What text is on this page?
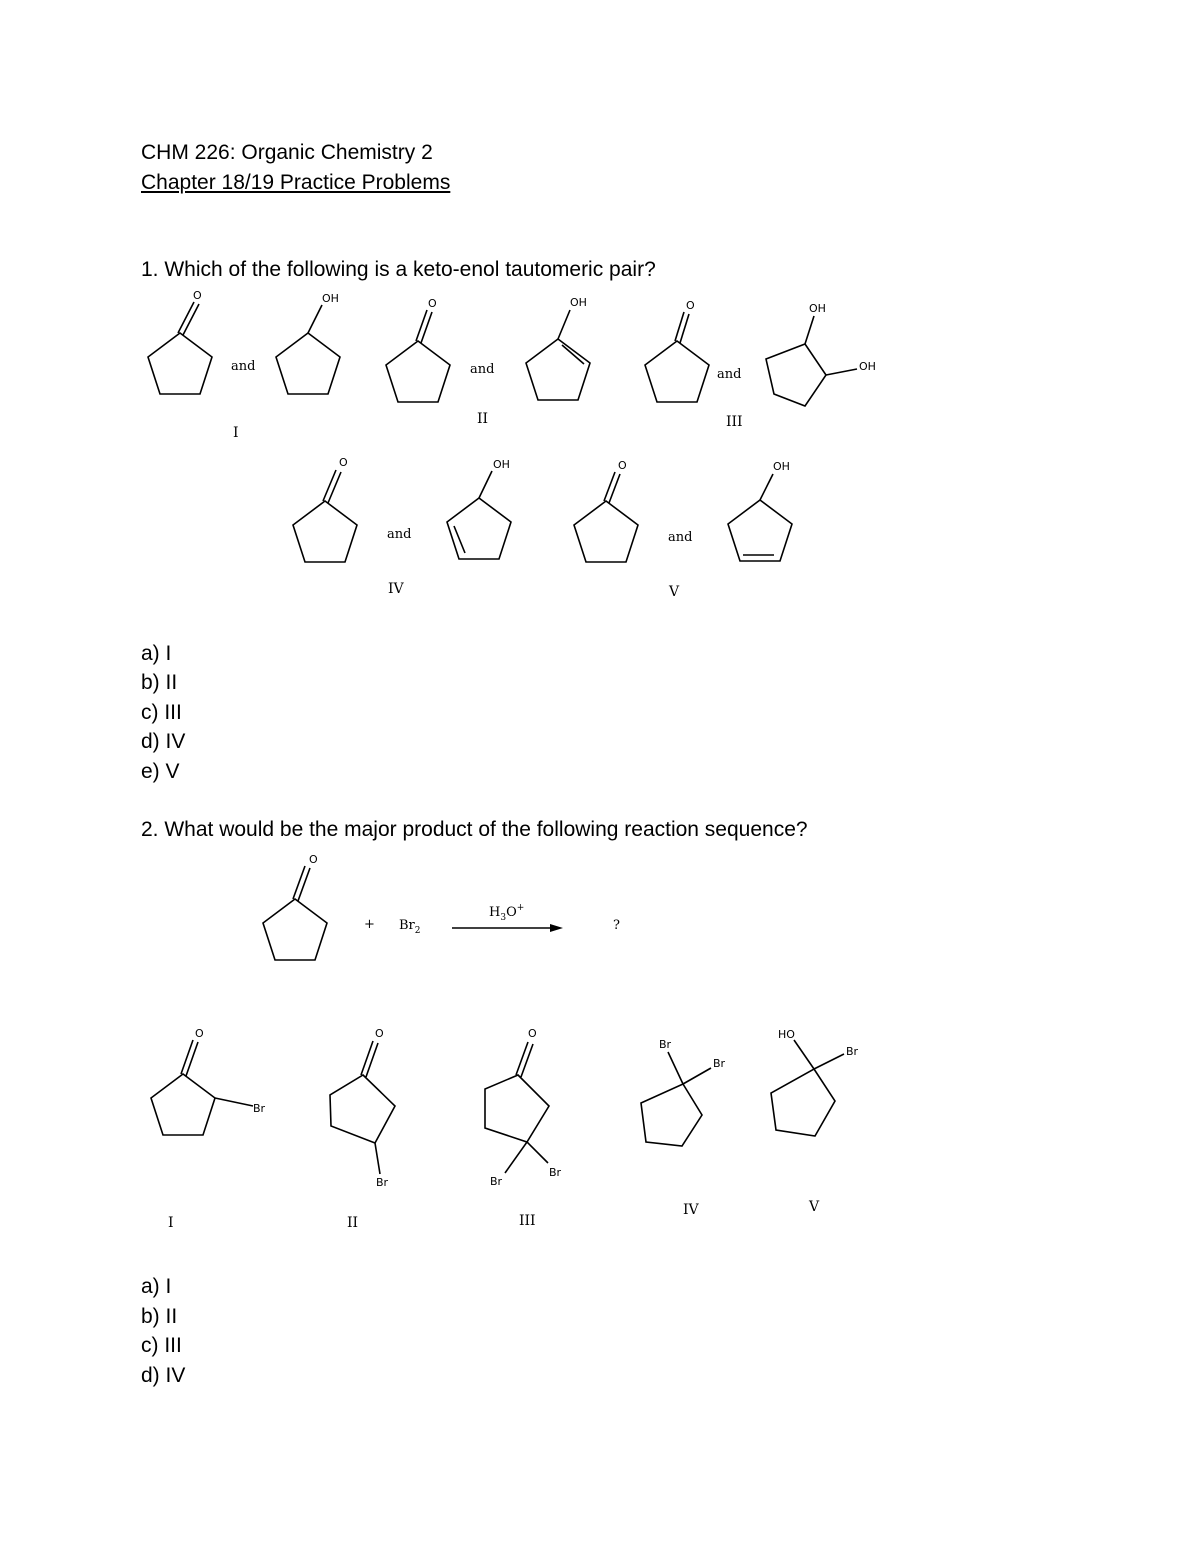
CHM 226: Organic Chemistry 2
Chapter 18/19 Practice Problems
1. Which of the following is a keto-enol tautomeric pair?
O
and
OH
I
O
and
OH
II
O
and
OH
OH
III
O
and
OH
IV
O
and
OH
V
O
+ $Br_2$
$H_3O^+$
?
O
Br
I
O
Br
II
O
Br
Br
III
Br
Br
IV
HO
Br
V
a) I
b) II
c) III
d) IV
e) V
2. What would be the major product of the following reaction sequence?
a) I
b) II
c) III
d) IV
